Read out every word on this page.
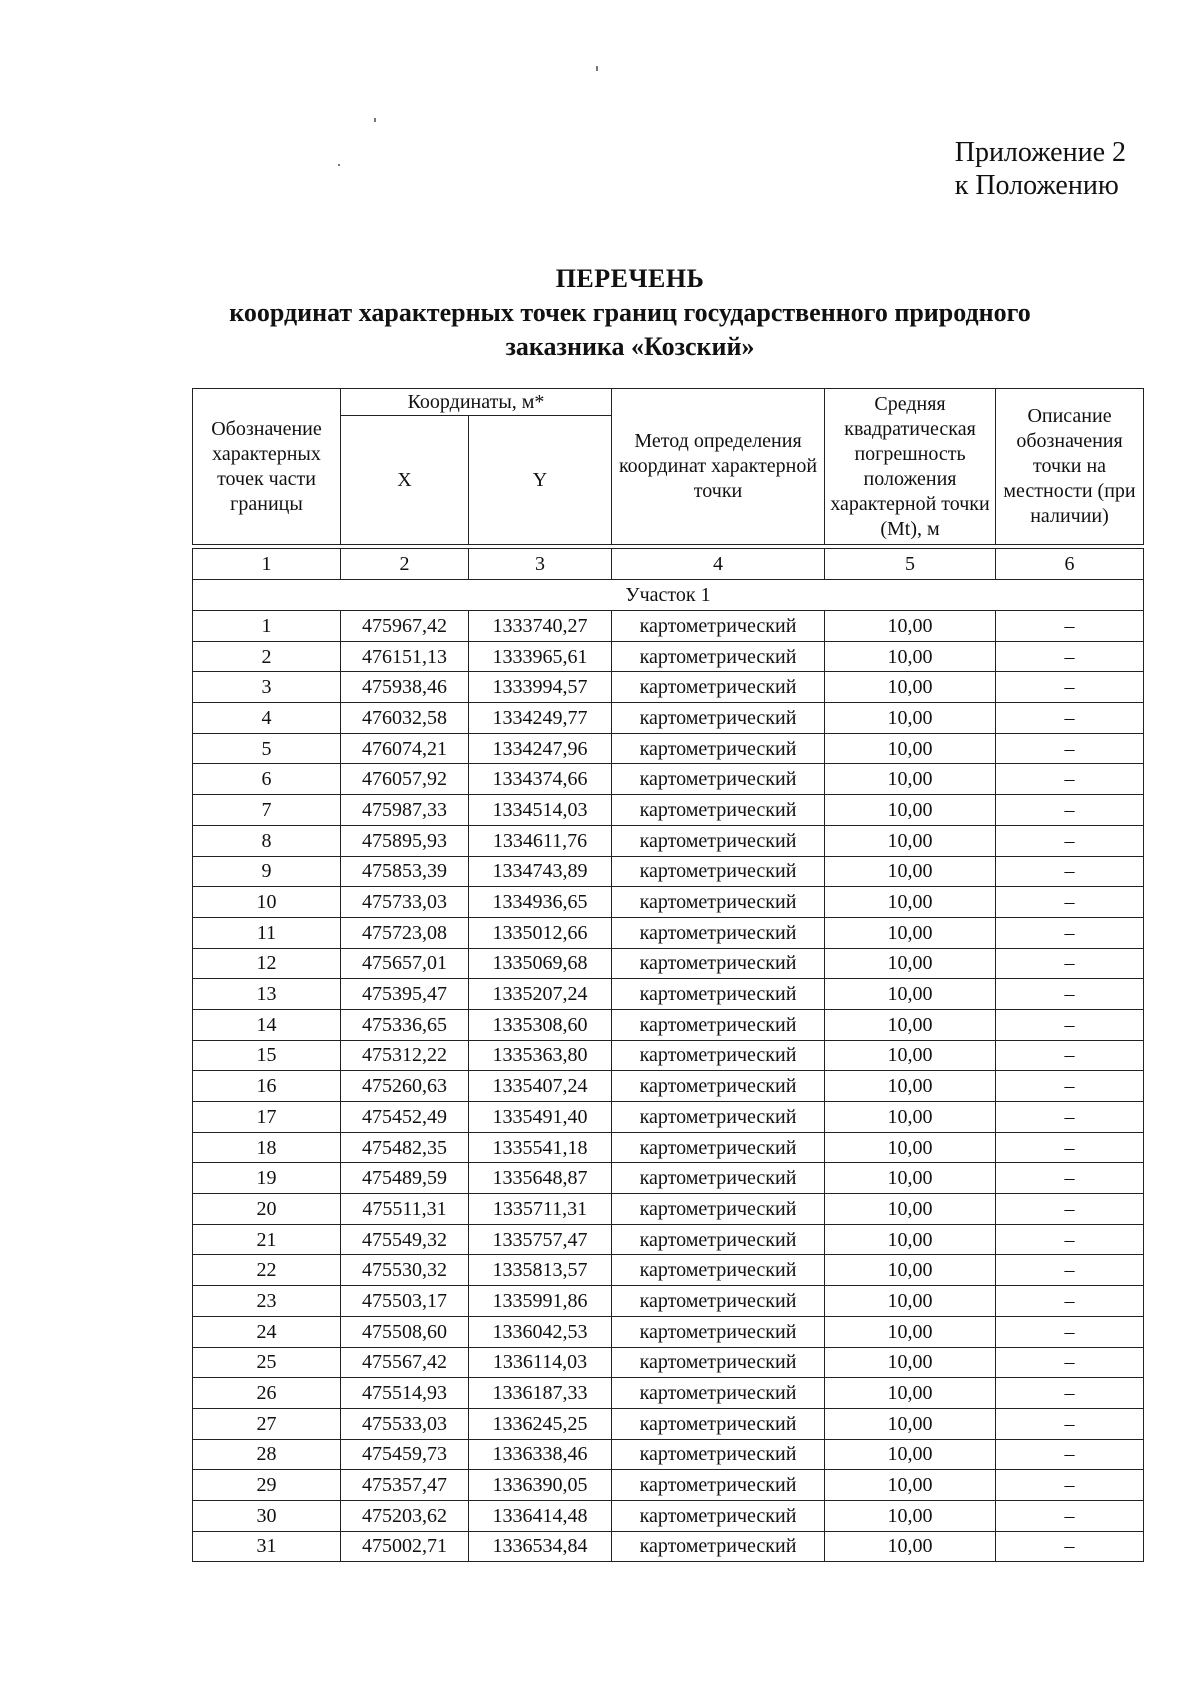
Приложение 2
к Положению
ПЕРЕЧЕНЬ
координат характерных точек границ государственного природного
заказника «Козский»
Обозначение характерных точек части границы	Координаты, м*		Метод определения координат характерной точки	Средняя квадратическая погрешность положения характерной точки (Mt), м	Описание обозначения точки на местности (при наличии)
	X	Y			

1	2	3	4	5	6
Участок 1					
1	475967,42	1333740,27	картометрический	10,00	–
2	476151,13	1333965,61	картометрический	10,00	–
3	475938,46	1333994,57	картометрический	10,00	–
4	476032,58	1334249,77	картометрический	10,00	–
5	476074,21	1334247,96	картометрический	10,00	–
6	476057,92	1334374,66	картометрический	10,00	–
7	475987,33	1334514,03	картометрический	10,00	–
8	475895,93	1334611,76	картометрический	10,00	–
9	475853,39	1334743,89	картометрический	10,00	–
10	475733,03	1334936,65	картометрический	10,00	–
11	475723,08	1335012,66	картометрический	10,00	–
12	475657,01	1335069,68	картометрический	10,00	–
13	475395,47	1335207,24	картометрический	10,00	–
14	475336,65	1335308,60	картометрический	10,00	–
15	475312,22	1335363,80	картометрический	10,00	–
16	475260,63	1335407,24	картометрический	10,00	–
17	475452,49	1335491,40	картометрический	10,00	–
18	475482,35	1335541,18	картометрический	10,00	–
19	475489,59	1335648,87	картометрический	10,00	–
20	475511,31	1335711,31	картометрический	10,00	–
21	475549,32	1335757,47	картометрический	10,00	–
22	475530,32	1335813,57	картометрический	10,00	–
23	475503,17	1335991,86	картометрический	10,00	–
24	475508,60	1336042,53	картометрический	10,00	–
25	475567,42	1336114,03	картометрический	10,00	–
26	475514,93	1336187,33	картометрический	10,00	–
27	475533,03	1336245,25	картометрический	10,00	–
28	475459,73	1336338,46	картометрический	10,00	–
29	475357,47	1336390,05	картометрический	10,00	–
30	475203,62	1336414,48	картометрический	10,00	–
31	475002,71	1336534,84	картометрический	10,00	–
